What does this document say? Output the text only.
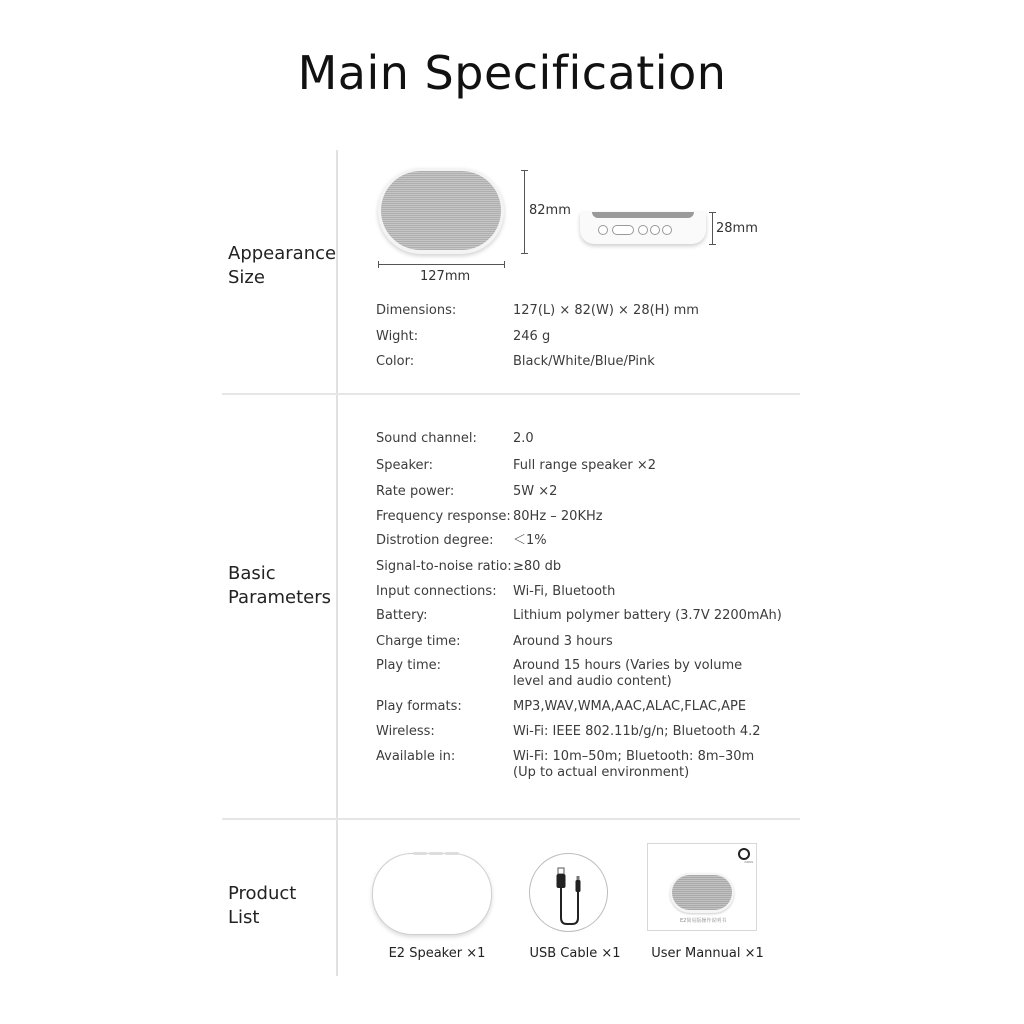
Main Specification
Appearance
Size
82mm
127mm
28mm
Dimensions:	127(L) × 82(W) × 28(H) mm
Wight:	246 g
Color:	Black/White/Blue/Pink
Basic
Parameters
Sound channel:	2.0
Speaker:	Full range speaker ×2
Rate power:	5W ×2
Frequency response: 80Hz – 20KHz
Distrotion degree:	＜1%
Signal-to-noise ratio: ≥80 db
Input connections:	Wi-Fi, Bluetooth
Battery:	Lithium polymer battery (3.7V 2200mAh)
Charge time:	Around 3 hours
Play time:	Around 15 hours (Varies by volume level and audio content)
Play formats:	MP3,WAV,WMA,AAC,ALAC,FLAC,APE
Wireless:	Wi-Fi: IEEE 802.11b/g/n; Bluetooth 4.2
Available in:	Wi-Fi: 10m–50m; Bluetooth: 8m–30m (Up to actual environment)
Product
List
E2 Speaker ×1	USB Cable ×1
DOSS
E2简易版操作说明书
User Mannual ×1
